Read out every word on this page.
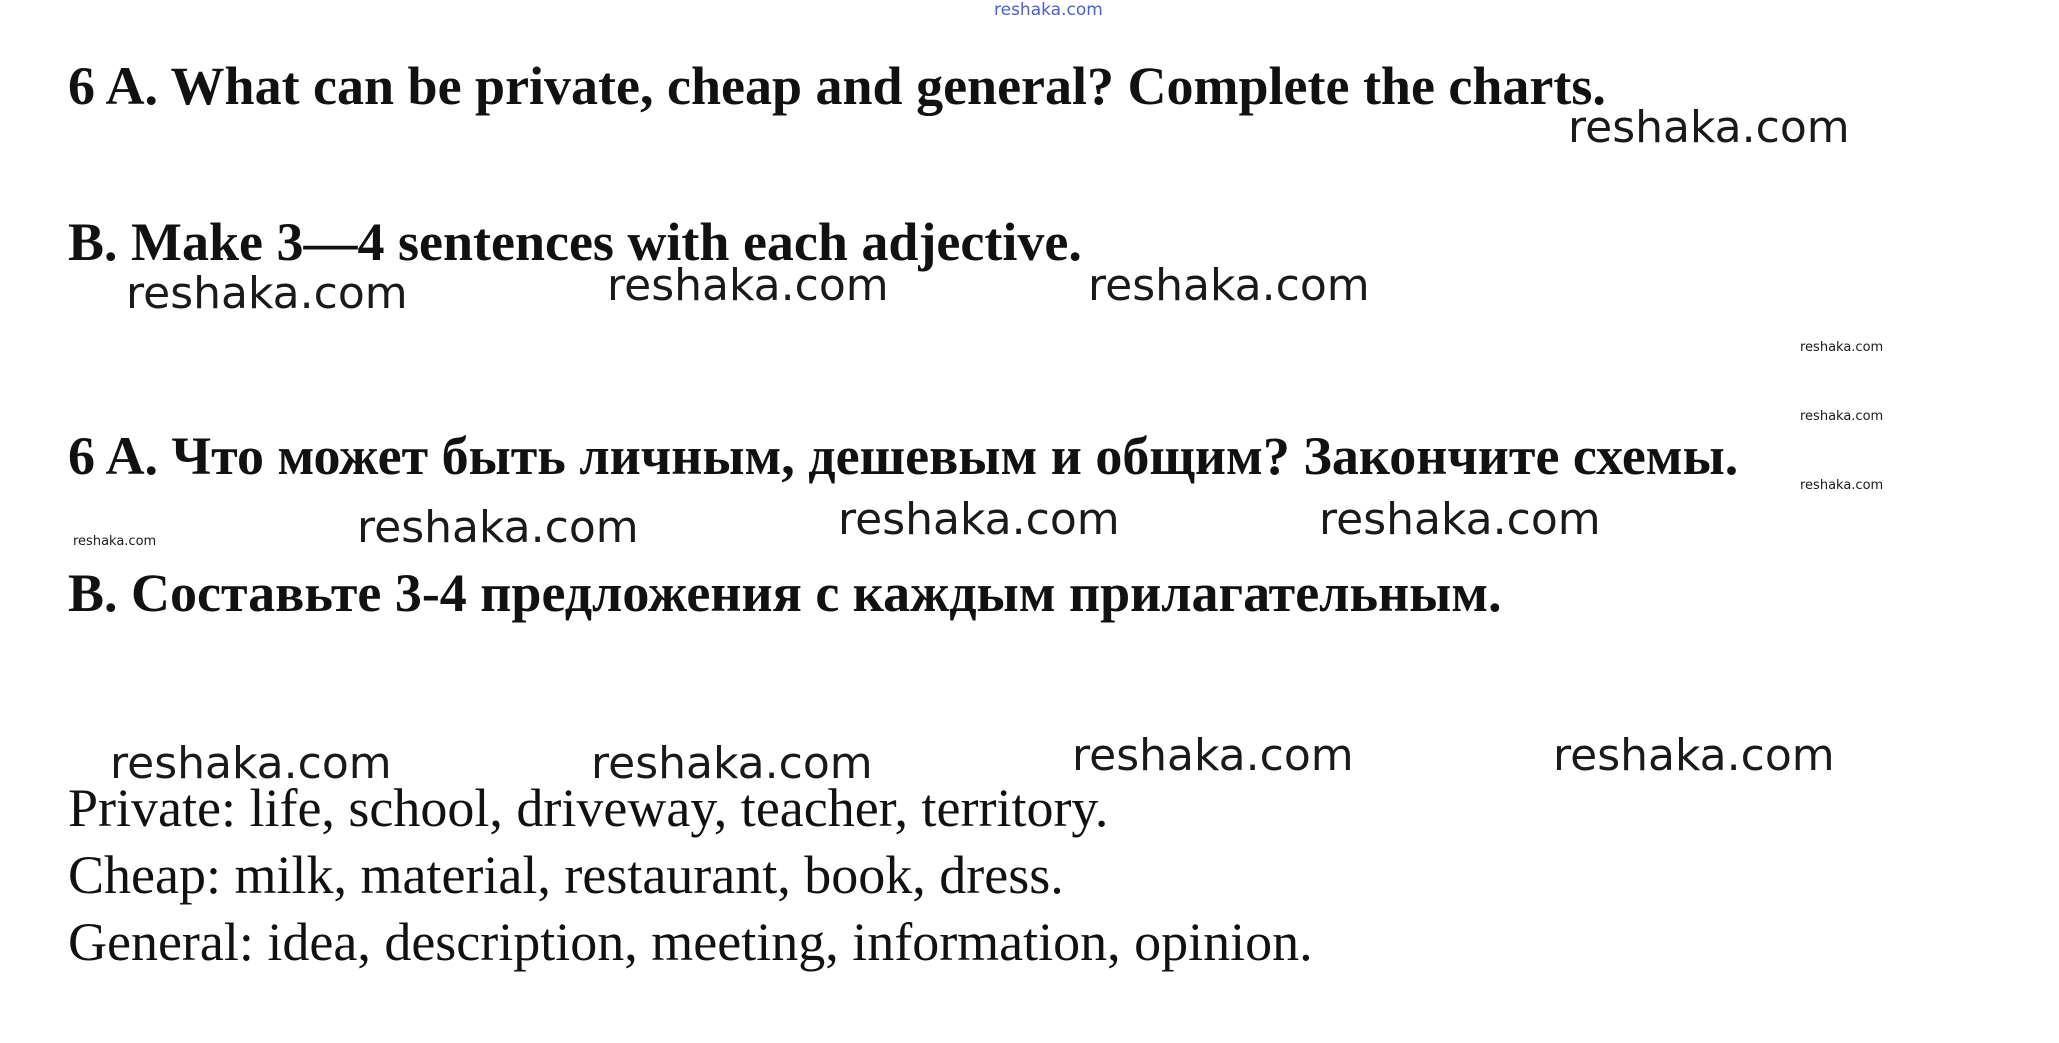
reshaka.com

6 A. What can be private, cheap and general? Complete the charts.

B. Make 3—4 sentences with each adjective.

6 A. Что может быть личным, дешевым и общим? Закончите схемы.

B. Составьте 3-4 предложения с каждым прилагательным.

Private: life, school, driveway, teacher, territory.

Cheap: milk, material, restaurant, book, dress.

General: idea, description, meeting, information, opinion.

reshaka.com
reshaka.com	reshaka.com	reshaka.com
reshaka.com	reshaka.com	reshaka.com
reshaka.com	reshaka.com	reshaka.com	reshaka.com
reshaka.com
reshaka.com
reshaka.com
reshaka.com
